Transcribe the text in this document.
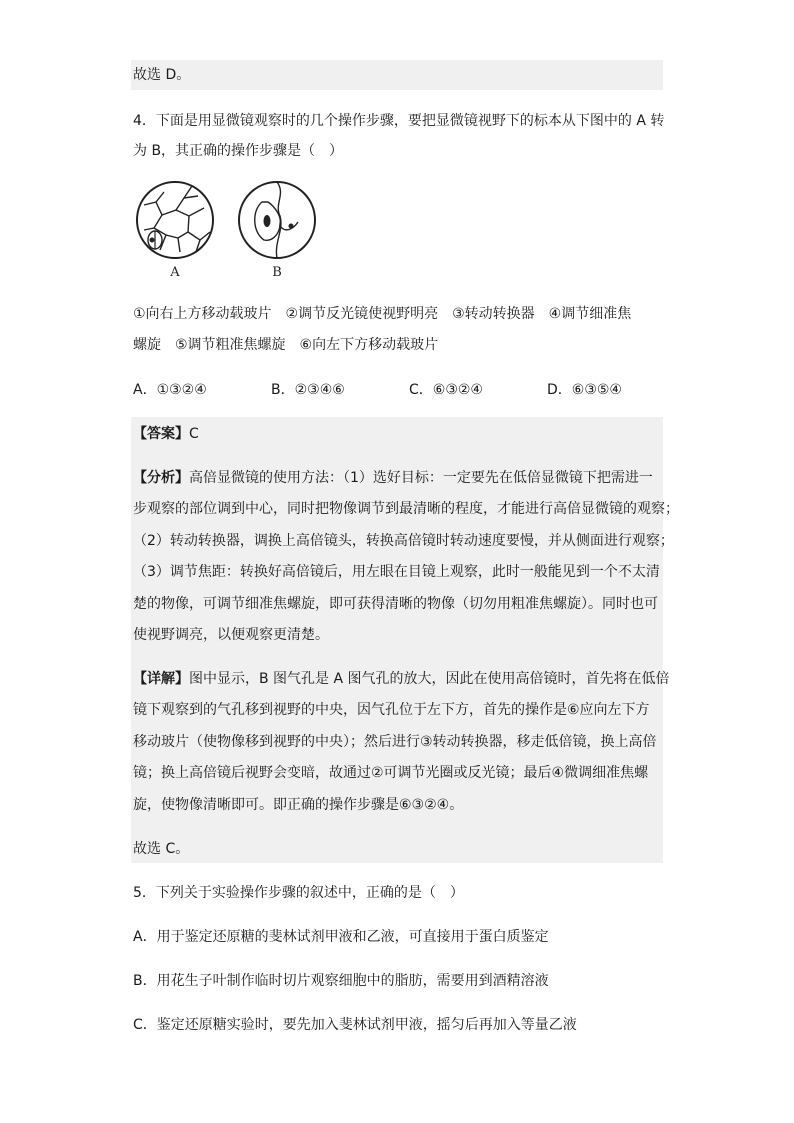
故选 D。
4．下面是用显微镜观察时的几个操作步骤，要把显微镜视野下的标本从下图中的 A 转
为 B，其正确的操作步骤是（　）
A	B
①向右上方移动载玻片　②调节反光镜使视野明亮　③转动转换器　④调节细准焦
螺旋　⑤调节粗准焦螺旋　⑥向左下方移动载玻片
A．①③②④	B．②③④⑥	C．⑥③②④	D．⑥③⑤④
【答案】C
【分析】高倍显微镜的使用方法：（1）选好目标：一定要先在低倍显微镜下把需进一
步观察的部位调到中心，同时把物像调节到最清晰的程度，才能进行高倍显微镜的观察；
（2）转动转换器，调换上高倍镜头，转换高倍镜时转动速度要慢，并从侧面进行观察；
（3）调节焦距：转换好高倍镜后，用左眼在目镜上观察，此时一般能见到一个不太清
楚的物像，可调节细准焦螺旋，即可获得清晰的物像（切勿用粗准焦螺旋）。同时也可
使视野调亮，以便观察更清楚。
【详解】图中显示，B 图气孔是 A 图气孔的放大，因此在使用高倍镜时，首先将在低倍
镜下观察到的气孔移到视野的中央，因气孔位于左下方，首先的操作是⑥应向左下方
移动玻片（使物像移到视野的中央）；然后进行③转动转换器，移走低倍镜，换上高倍
镜；换上高倍镜后视野会变暗，故通过②可调节光圈或反光镜；最后④微调细准焦螺
旋，使物像清晰即可。即正确的操作步骤是⑥③②④。
故选 C。
5．下列关于实验操作步骤的叙述中，正确的是（　）
A．用于鉴定还原糖的斐林试剂甲液和乙液，可直接用于蛋白质鉴定
B．用花生子叶制作临时切片观察细胞中的脂肪，需要用到酒精溶液
C．鉴定还原糖实验时，要先加入斐林试剂甲液，摇匀后再加入等量乙液
